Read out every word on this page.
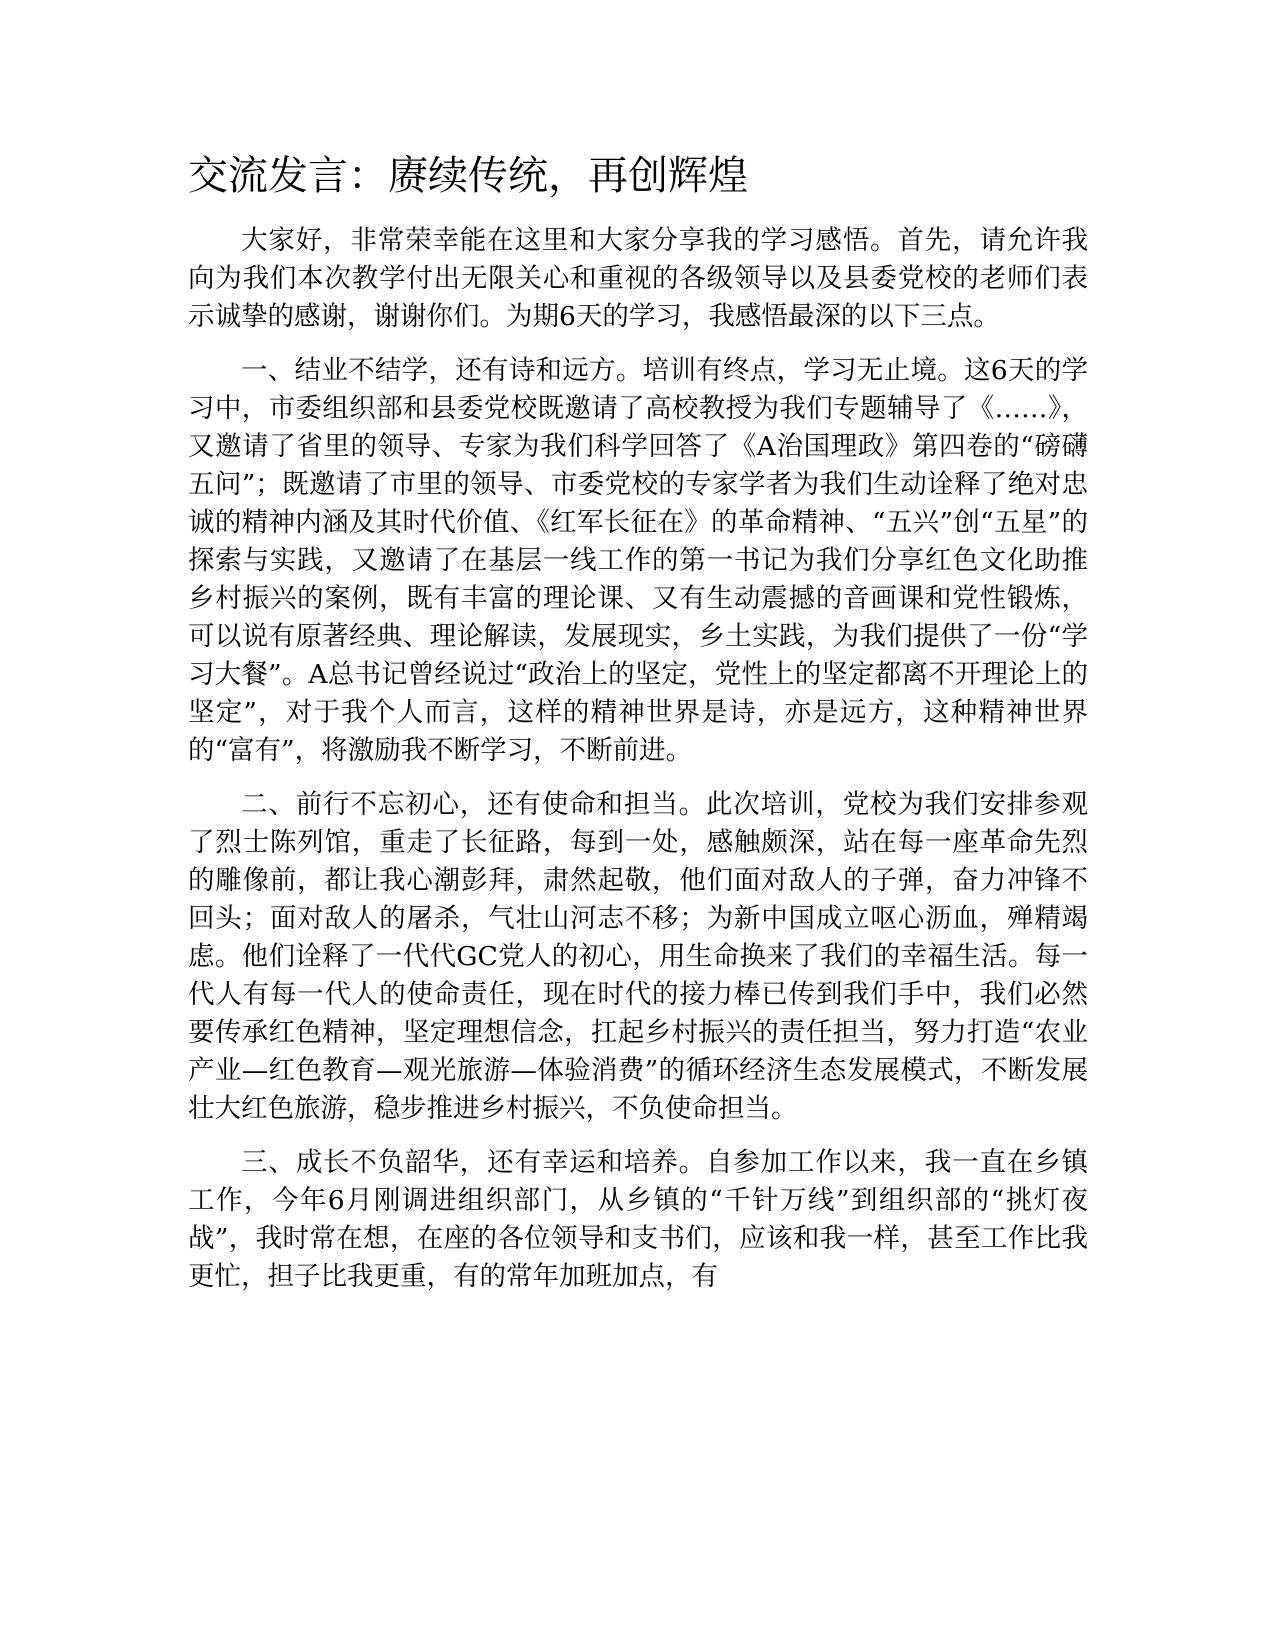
交流发言：赓续传统，再创辉煌

大家好，非常荣幸能在这里和大家分享我的学习感悟。首先，请允许我向为我们本次教学付出无限关心和重视的各级领导以及县委党校的老师们表示诚挚的感谢，谢谢你们。为期6天的学习，我感悟最深的以下三点。

一、结业不结学，还有诗和远方。培训有终点，学习无止境。这6天的学习中，市委组织部和县委党校既邀请了高校教授为我们专题辅导了《……》，又邀请了省里的领导、专家为我们科学回答了《A治国理政》第四卷的“磅礴五问”；既邀请了市里的领导、市委党校的专家学者为我们生动诠释了绝对忠诚的精神内涵及其时代价值、《红军长征在》的革命精神、“五兴”创“五星”的探索与实践，又邀请了在基层一线工作的第一书记为我们分享红色文化助推乡村振兴的案例，既有丰富的理论课、又有生动震撼的音画课和党性锻炼，可以说有原著经典、理论解读，发展现实，乡土实践，为我们提供了一份“学习大餐”。A总书记曾经说过“政治上的坚定，党性上的坚定都离不开理论上的坚定”，对于我个人而言，这样的精神世界是诗，亦是远方，这种精神世界的“富有”，将激励我不断学习，不断前进。

二、前行不忘初心，还有使命和担当。此次培训，党校为我们安排参观了烈士陈列馆，重走了长征路，每到一处，感触颇深，站在每一座革命先烈的雕像前，都让我心潮彭拜，肃然起敬，他们面对敌人的子弹，奋力冲锋不回头；面对敌人的屠杀，气壮山河志不移；为新中国成立呕心沥血，殚精竭虑。他们诠释了一代代GC党人的初心，用生命换来了我们的幸福生活。每一代人有每一代人的使命责任，现在时代的接力棒已传到我们手中，我们必然要传承红色精神，坚定理想信念，扛起乡村振兴的责任担当，努力打造“农业产业—红色教育—观光旅游—体验消费”的循环经济生态发展模式，不断发展壮大红色旅游，稳步推进乡村振兴，不负使命担当。

三、成长不负韶华，还有幸运和培养。自参加工作以来，我一直在乡镇工作，今年6月刚调进组织部门，从乡镇的“千针万线”到组织部的“挑灯夜战”，我时常在想，在座的各位领导和支书们，应该和我一样，甚至工作比我更忙，担子比我更重，有的常年加班加点，有
